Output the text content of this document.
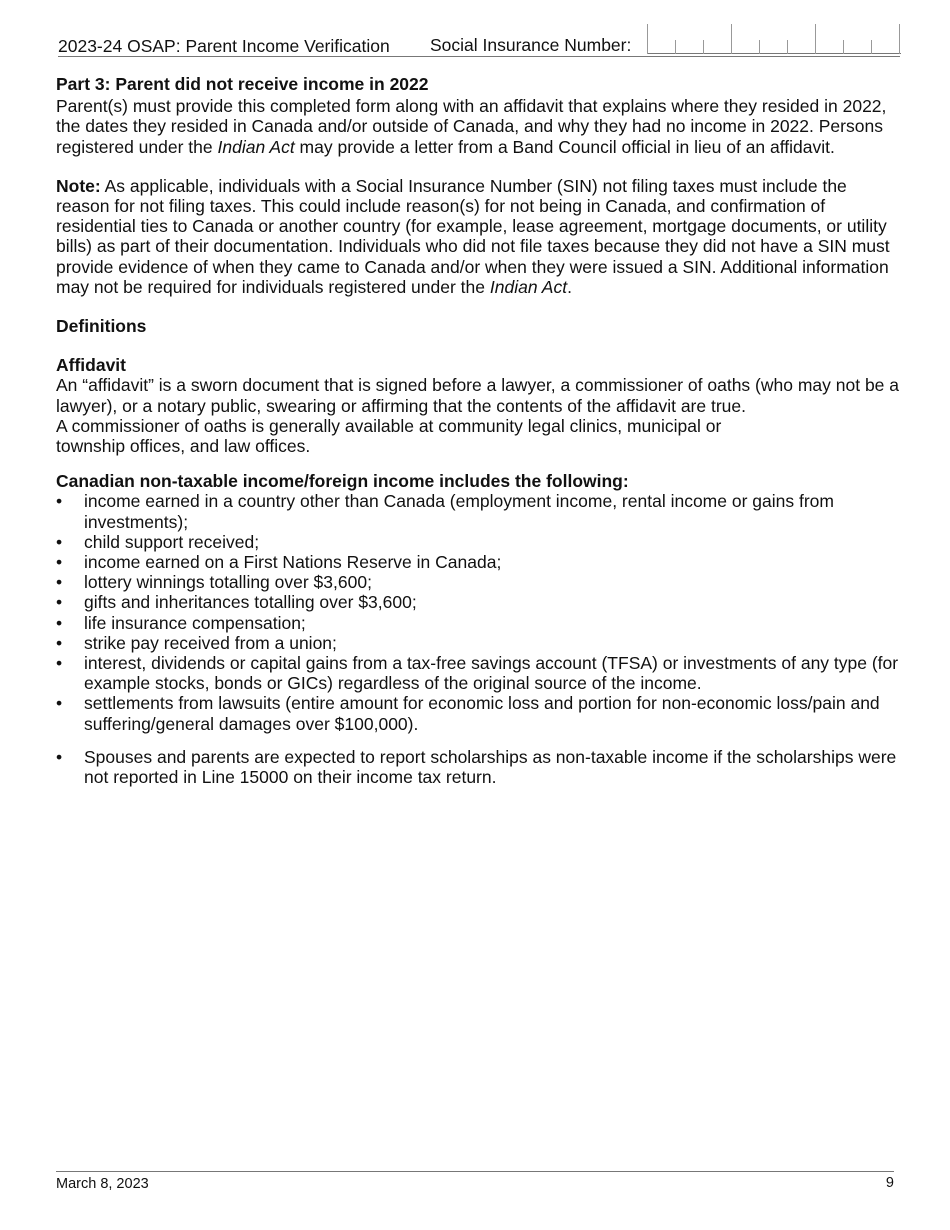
2023-24 OSAP: Parent Income Verification Social Insurance Number:

Part 3: Parent did not receive income in 2022

Parent(s) must provide this completed form along with an affidavit that explains where they resided in 2022, the dates they resided in Canada and/or outside of Canada, and why they had no income in 2022. Persons registered under the Indian Act may provide a letter from a Band Council official in lieu of an affidavit.

Note: As applicable, individuals with a Social Insurance Number (SIN) not filing taxes must include the reason for not filing taxes. This could include reason(s) for not being in Canada, and confirmation of residential ties to Canada or another country (for example, lease agreement, mortgage documents, or utility bills) as part of their documentation. Individuals who did not file taxes because they did not have a SIN must provide evidence of when they came to Canada and/or when they were issued a SIN. Additional information may not be required for individuals registered under the Indian Act.

Definitions

Affidavit

An “affidavit” is a sworn document that is signed before a lawyer, a commissioner of oaths (who may not be a lawyer), or a notary public, swearing or affirming that the contents of the affidavit are true.

A commissioner of oaths is generally available at community legal clinics, municipal or

township offices, and law offices.

Canadian non-taxable income/foreign income includes the following:

• income earned in a country other than Canada (employment income, rental income or gains from investments);
• child support received;
• income earned on a First Nations Reserve in Canada;
• lottery winnings totalling over $3,600;
• gifts and inheritances totalling over $3,600;
• life insurance compensation;
• strike pay received from a union;
• interest, dividends or capital gains from a tax-free savings account (TFSA) or investments of any type (for example stocks, bonds or GICs) regardless of the original source of the income.
• settlements from lawsuits (entire amount for economic loss and portion for non-economic loss/pain and suffering/general damages over $100,000).
• Spouses and parents are expected to report scholarships as non-taxable income if the scholarships were not reported in Line 15000 on their income tax return.
March 8, 2023	9
